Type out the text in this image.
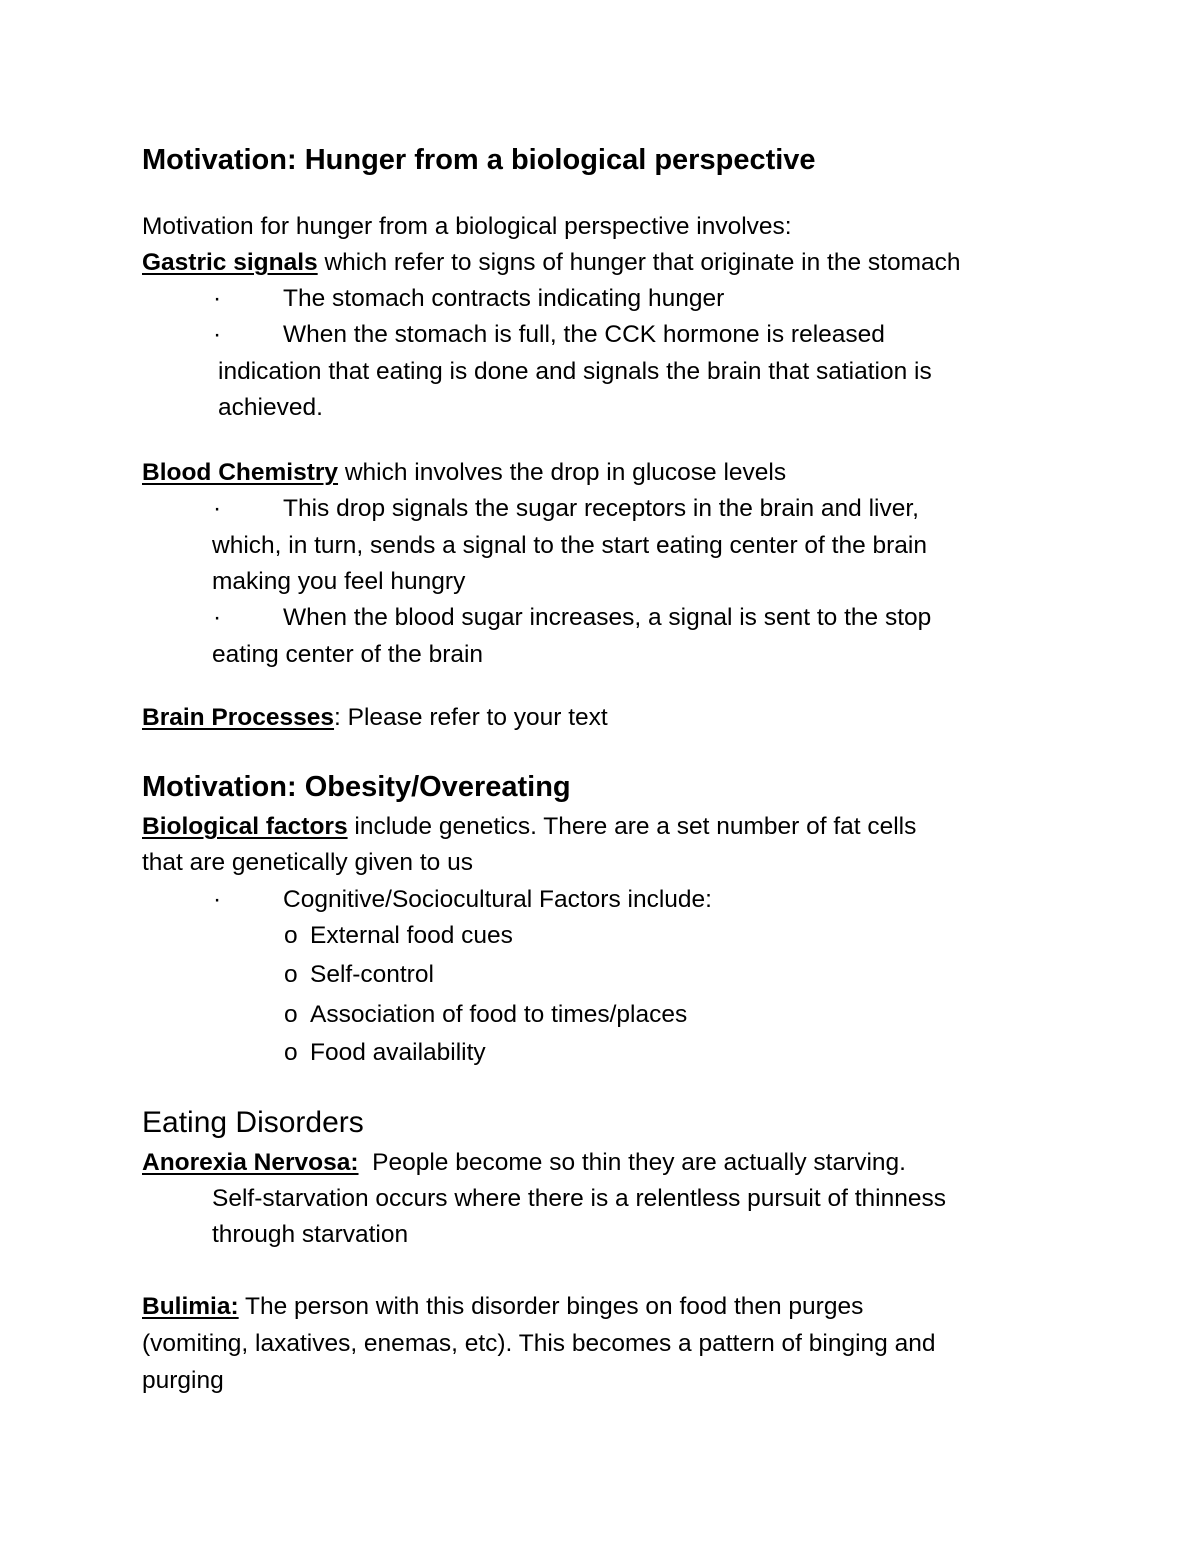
Motivation: Hunger from a biological perspective
Motivation for hunger from a biological perspective involves:
Gastric signals which refer to signs of hunger that originate in the stomach
·	The stomach contracts indicating hunger
·	When the stomach is full, the CCK hormone is released
indication that eating is done and signals the brain that satiation is
achieved.
Blood Chemistry which involves the drop in glucose levels
·	This drop signals the sugar receptors in the brain and liver,
which, in turn, sends a signal to the start eating center of the brain
making you feel hungry
·	When the blood sugar increases, a signal is sent to the stop
eating center of the brain
Brain Processes: Please refer to your text
Motivation: Obesity/Overeating
Biological factors include genetics. There are a set number of fat cells
that are genetically given to us
·	Cognitive/Sociocultural Factors include:
o External food cues
o Self-control
o Association of food to times/places
o Food availability
Eating Disorders
Anorexia Nervosa:  People become so thin they are actually starving.
Self-starvation occurs where there is a relentless pursuit of thinness
through starvation
Bulimia: The person with this disorder binges on food then purges
(vomiting, laxatives, enemas, etc). This becomes a pattern of binging and
purging
